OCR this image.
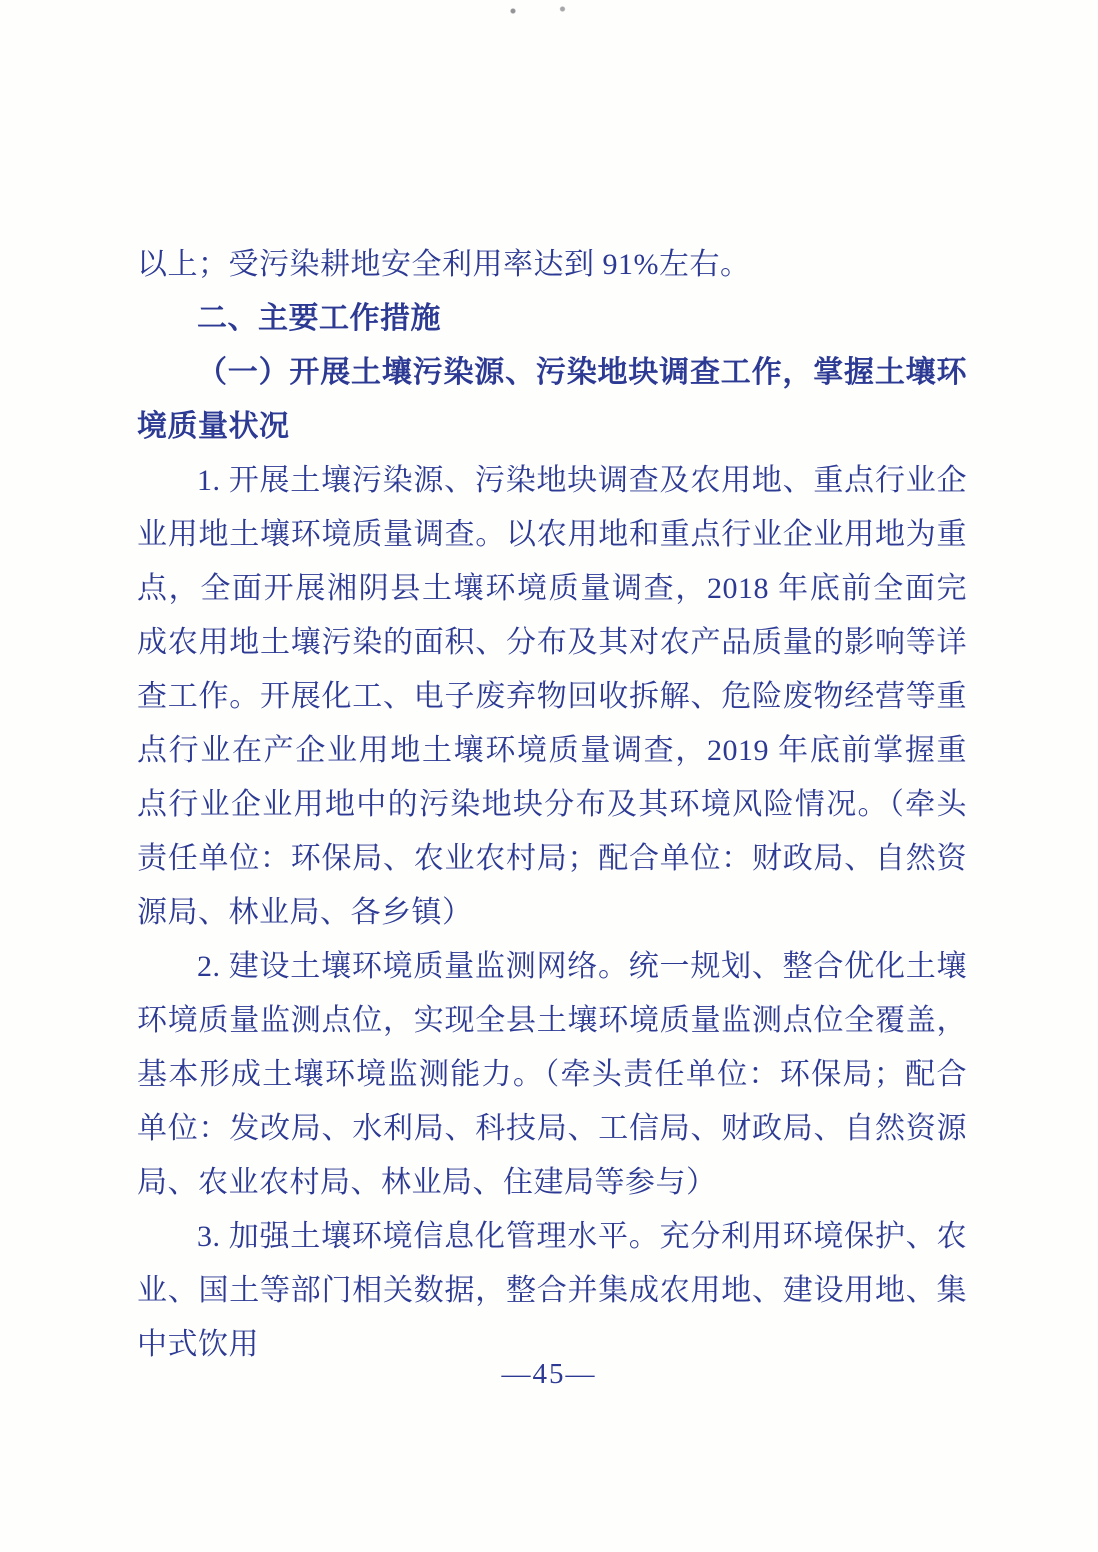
以上；受污染耕地安全利用率达到 91%左右。

二、主要工作措施

（一）开展土壤污染源、污染地块调查工作，掌握土壤环境质量状况

1. 开展土壤污染源、污染地块调查及农用地、重点行业企业用地土壤环境质量调查。以农用地和重点行业企业用地为重点，全面开展湘阴县土壤环境质量调查，2018 年底前全面完成农用地土壤污染的面积、分布及其对农产品质量的影响等详查工作。开展化工、电子废弃物回收拆解、危险废物经营等重点行业在产企业用地土壤环境质量调查，2019 年底前掌握重点行业企业用地中的污染地块分布及其环境风险情况。（牵头责任单位：环保局、农业农村局；配合单位：财政局、自然资源局、林业局、各乡镇）

2. 建设土壤环境质量监测网络。统一规划、整合优化土壤环境质量监测点位，实现全县土壤环境质量监测点位全覆盖，基本形成土壤环境监测能力。（牵头责任单位：环保局；配合单位：发改局、水利局、科技局、工信局、财政局、自然资源局、农业农村局、林业局、住建局等参与）

3. 加强土壤环境信息化管理水平。充分利用环境保护、农业、国土等部门相关数据，整合并集成农用地、建设用地、集中式饮用

—45—
